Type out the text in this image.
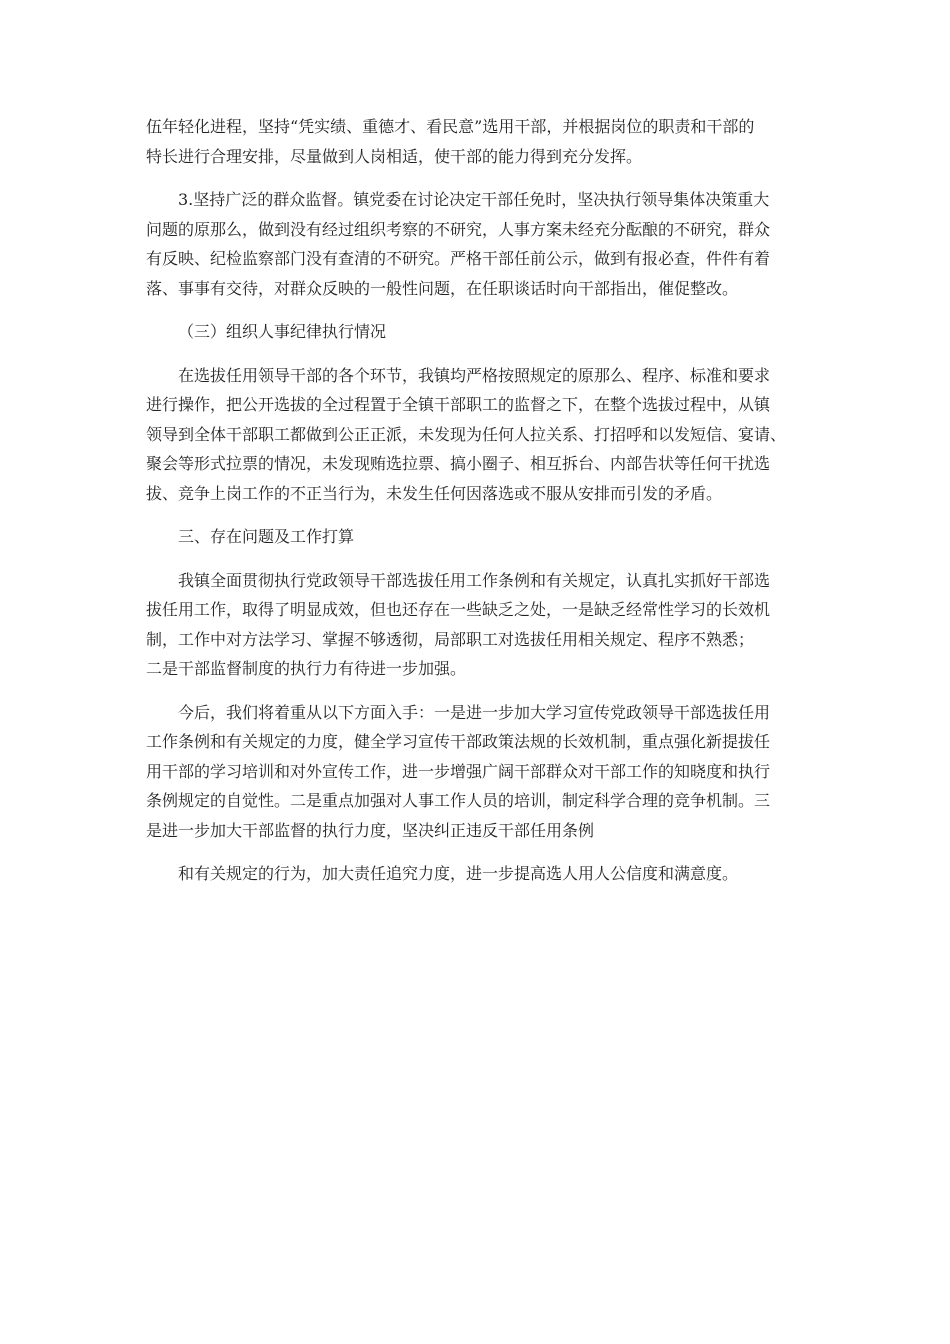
伍年轻化进程，坚持“凭实绩、重德才、看民意”选用干部，并根据岗位的职责和干部的
特长进行合理安排，尽量做到人岗相适，使干部的能力得到充分发挥。

3.坚持广泛的群众监督。镇党委在讨论决定干部任免时，坚决执行领导集体决策重大
问题的原那么，做到没有经过组织考察的不研究，人事方案未经充分酝酿的不研究，群众
有反映、纪检监察部门没有查清的不研究。严格干部任前公示，做到有报必查，件件有着
落、事事有交待，对群众反映的一般性问题，在任职谈话时向干部指出，催促整改。

（三）组织人事纪律执行情况

在选拔任用领导干部的各个环节，我镇均严格按照规定的原那么、程序、标准和要求
进行操作，把公开选拔的全过程置于全镇干部职工的监督之下，在整个选拔过程中，从镇
领导到全体干部职工都做到公正正派，未发现为任何人拉关系、打招呼和以发短信、宴请、
聚会等形式拉票的情况，未发现贿选拉票、搞小圈子、相互拆台、内部告状等任何干扰选
拔、竞争上岗工作的不正当行为，未发生任何因落选或不服从安排而引发的矛盾。

三、存在问题及工作打算

我镇全面贯彻执行党政领导干部选拔任用工作条例和有关规定，认真扎实抓好干部选
拔任用工作，取得了明显成效，但也还存在一些缺乏之处，一是缺乏经常性学习的长效机
制，工作中对方法学习、掌握不够透彻，局部职工对选拔任用相关规定、程序不熟悉；
二是干部监督制度的执行力有待进一步加强。

今后，我们将着重从以下方面入手：一是进一步加大学习宣传党政领导干部选拔任用
工作条例和有关规定的力度，健全学习宣传干部政策法规的长效机制，重点强化新提拔任
用干部的学习培训和对外宣传工作，进一步增强广阔干部群众对干部工作的知晓度和执行
条例规定的自觉性。二是重点加强对人事工作人员的培训，制定科学合理的竞争机制。三
是进一步加大干部监督的执行力度，坚决纠正违反干部任用条例

和有关规定的行为，加大责任追究力度，进一步提高选人用人公信度和满意度。
